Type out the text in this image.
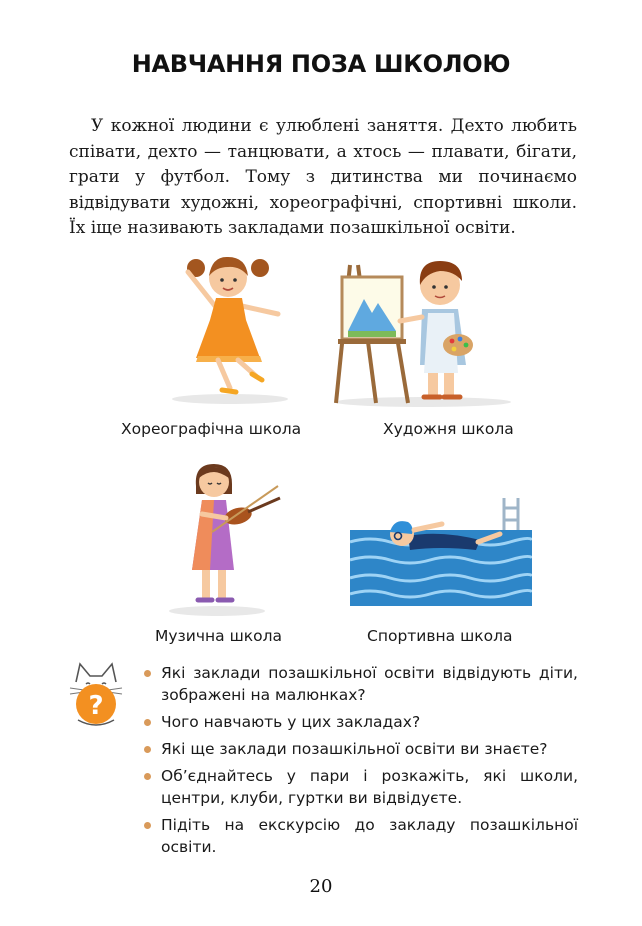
НАВЧАННЯ ПОЗА ШКОЛОЮ

У кожної людини є улюблені заняття. Дехто любить співати, дехто — танцювати, а хтось — плавати, бігати, грати у футбол. Тому з дитинства ми починаємо відвідувати художні, хореографічні, спортивні школи. Їх іще називають закладами позашкільної освіти.

Хореографічна школа	Художня школа
Музична школа	Спортивна школа
?
Які заклади позашкільної освіти відвідують діти, зображені на малюнках?
Чого навчають у цих закладах?
Які ще заклади позашкільної освіти ви знаєте?
Об’єднайтесь у пари і розкажіть, які школи, центри, клуби, гуртки ви відвідуєте.
Підіть на екскурсію до закладу позашкільної освіти.
20
